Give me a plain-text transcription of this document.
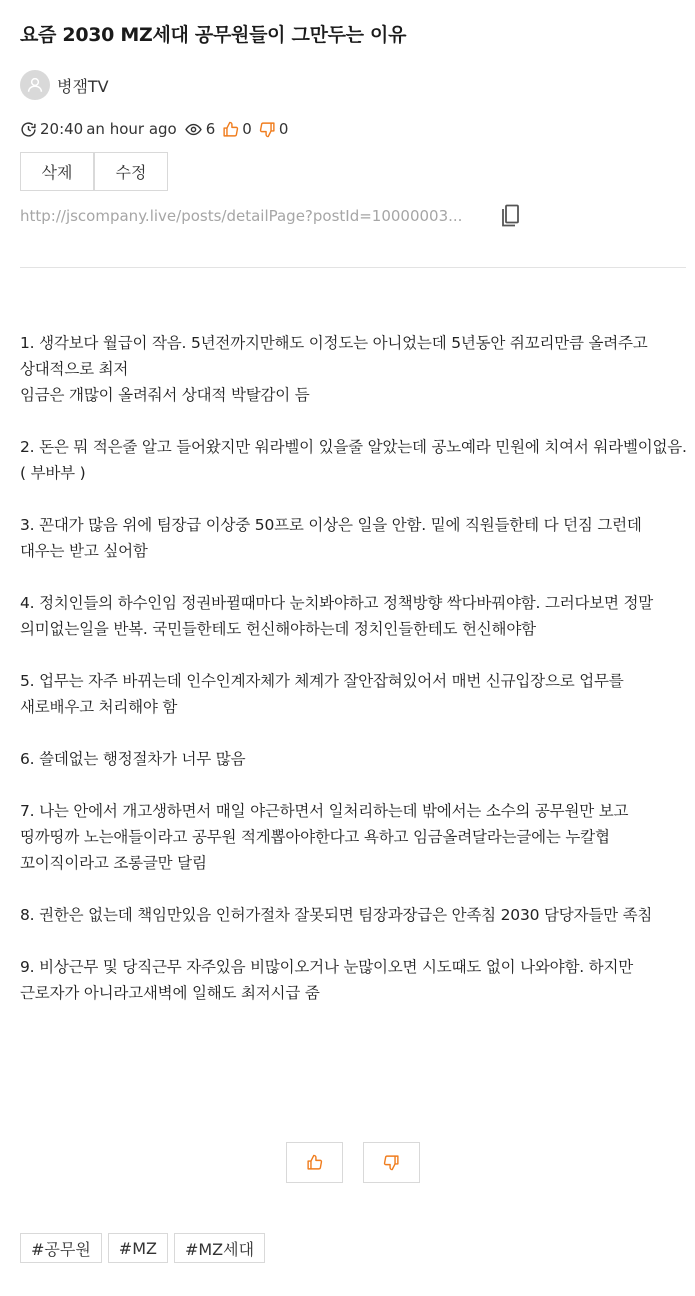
요즘 2030 MZ세대 공무원들이 그만두는 이유
병잼TV
20:40 an hour ago 6 0 0
삭제	수정
http://jscompany.live/posts/detailPage?postId=10000003...

1. 생각보다 월급이 작음. 5년전까지만해도 이정도는 아니었는데 5년동안 쥐꼬리만큼 올려주고 상대적으로 최저
임금은 개많이 올려줘서 상대적 박탈감이 듬

2. 돈은 뭐 적은줄 알고 들어왔지만 워라벨이 있을줄 알았는데 공노예라 민원에 치여서 워라벨이없음. ( 부바부 )

3. 꼰대가 많음 위에 팀장급 이상중 50프로 이상은 일을 안함. 밑에 직원들한테 다 던짐 그런데 대우는 받고 싶어함

4. 정치인들의 하수인임 정권바뀔때마다 눈치봐야하고 정책방향 싹다바꿔야함. 그러다보면 정말 의미없는일을 반복. 국민들한테도 헌신해야하는데 정치인들한테도 헌신해야함

5. 업무는 자주 바뀌는데 인수인계자체가 체계가 잘안잡혀있어서 매번 신규입장으로 업무를 새로배우고 처리해야 함

6. 쓸데없는 행정절차가 너무 많음

7. 나는 안에서 개고생하면서 매일 야근하면서 일처리하는데 밖에서는 소수의 공무원만 보고 띵까띵까 노는애들이라고 공무원 적게뽑아야한다고 욕하고 임금올려달라는글에는 누칼협 꼬이직이라고 조롱글만 달림

8. 권한은 없는데 책임만있음 인허가절차 잘못되면 팀장과장급은 안족침 2030 담당자들만 족침

9. 비상근무 및 당직근무 자주있음 비많이오거나 눈많이오면 시도때도 없이 나와야함. 하지만 근로자가 아니라고새벽에 일해도 최저시급 줌

#공무원	#MZ	#MZ세대
